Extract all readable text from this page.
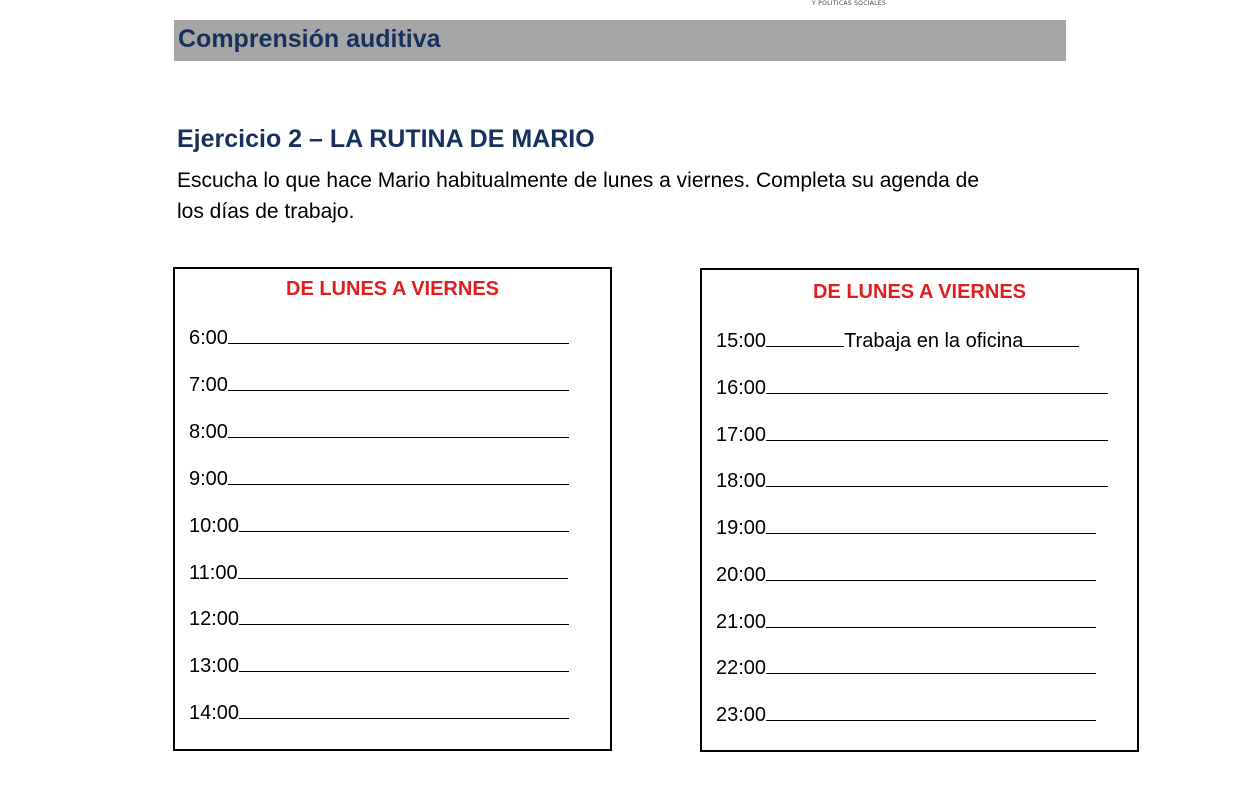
Y POLÍTICAS SOCIALES
Comprensión auditiva
Ejercicio 2 – LA RUTINA DE MARIO
Escucha lo que hace Mario habitualmente de lunes a viernes. Completa su agenda de
los días de trabajo.
DE LUNES A VIERNES
6:00
7:00
8:00
9:00
10:00
11:00
12:00
13:00
14:00
DE LUNES A VIERNES
15:00	Trabaja en la oficina
16:00
17:00
18:00
19:00
20:00
21:00
22:00
23:00
